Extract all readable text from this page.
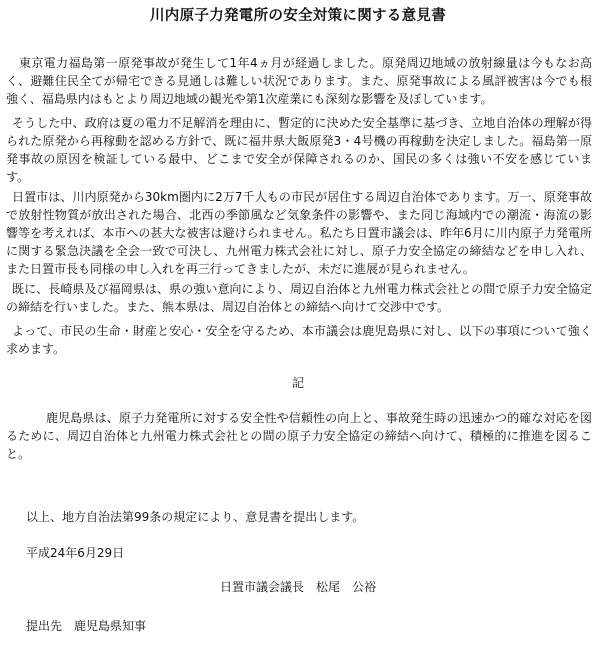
川内原子力発電所の安全対策に関する意見書

東京電力福島第一原発事故が発生して1年4ヵ月が経過しました。原発周辺地域の放射線量は今もなお高く、避難住民全てが帰宅できる見通しは難しい状況であります。また、原発事故による風評被害は今でも根強く、福島県内はもとより周辺地域の観光や第1次産業にも深刻な影響を及ぼしています。

そうした中、政府は夏の電力不足解消を理由に、暫定的に決めた安全基準に基づき、立地自治体の理解が得られた原発から再稼動を認める方針で、既に福井県大飯原発3・4号機の再稼動を決定しました。福島第一原発事故の原因を検証している最中、どこまで安全が保障されるのか、国民の多くは強い不安を感じています。

日置市は、川内原発から30km圏内に2万7千人もの市民が居住する周辺自治体であります。万一、原発事故で放射性物質が放出された場合、北西の季節風など気象条件の影響や、また同じ海域内での潮流・海流の影響等を考えれば、本市への甚大な被害は避けられません。私たち日置市議会は、昨年6月に川内原子力発電所に関する緊急決議を全会一致で可決し、九州電力株式会社に対し、原子力安全協定の締結などを申し入れ、また日置市長も同様の申し入れを再三行ってきましたが、未だに進展が見られません。

既に、長崎県及び福岡県は、県の強い意向により、周辺自治体と九州電力株式会社との間で原子力安全協定の締結を行いました。また、熊本県は、周辺自治体との締結へ向けて交渉中です。

よって、市民の生命・財産と安心・安全を守るため、本市議会は鹿児島県に対し、以下の事項について強く求めます。

記

鹿児島県は、原子力発電所に対する安全性や信頼性の向上と、事故発生時の迅速かつ的確な対応を図るために、周辺自治体と九州電力株式会社との間の原子力安全協定の締結へ向けて、積極的に推進を図ること。

以上、地方自治法第99条の規定により、意見書を提出します。
平成24年6月29日
日置市議会議長　松尾　公裕
提出先　鹿児島県知事
